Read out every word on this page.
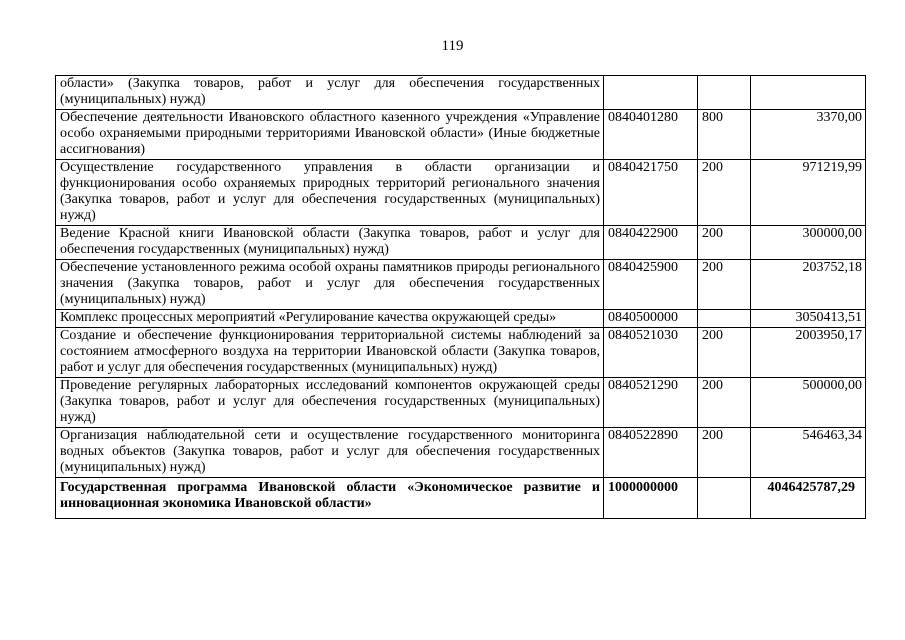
119
области» (Закупка товаров, работ и услуг для обеспечения государственных (муниципальных) нужд)			
Обеспечение деятельности Ивановского областного казенного учреждения «Управление особо охраняемыми природными территориями Ивановской области» (Иные бюджетные ассигнования)	0840401280	800	3370,00
Осуществление государственного управления в области организации и функционирования особо охраняемых природных территорий регионального значения (Закупка товаров, работ и услуг для обеспечения государственных (муниципальных) нужд)	0840421750	200	971219,99
Ведение Красной книги Ивановской области (Закупка товаров, работ и услуг для обеспечения государственных (муниципальных) нужд)	0840422900	200	300000,00
Обеспечение установленного режима особой охраны памятников природы регионального значения (Закупка товаров, работ и услуг для обеспечения государственных (муниципальных) нужд)	0840425900	200	203752,18
Комплекс процессных мероприятий «Регулирование качества окружающей среды»	0840500000		3050413,51
Создание и обеспечение функционирования территориальной системы наблюдений за состоянием атмосферного воздуха на территории Ивановской области (Закупка товаров, работ и услуг для обеспечения государственных (муниципальных) нужд)	0840521030	200	2003950,17
Проведение регулярных лабораторных исследований компонентов окружающей среды (Закупка товаров, работ и услуг для обеспечения государственных (муниципальных) нужд)	0840521290	200	500000,00
Организация наблюдательной сети и осуществление государственного мониторинга водных объектов (Закупка товаров, работ и услуг для обеспечения государственных (муниципальных) нужд)	0840522890	200	546463,34
Государственная программа Ивановской области «Экономическое развитие и инновационная экономика Ивановской области»	1000000000		4046425787,29
